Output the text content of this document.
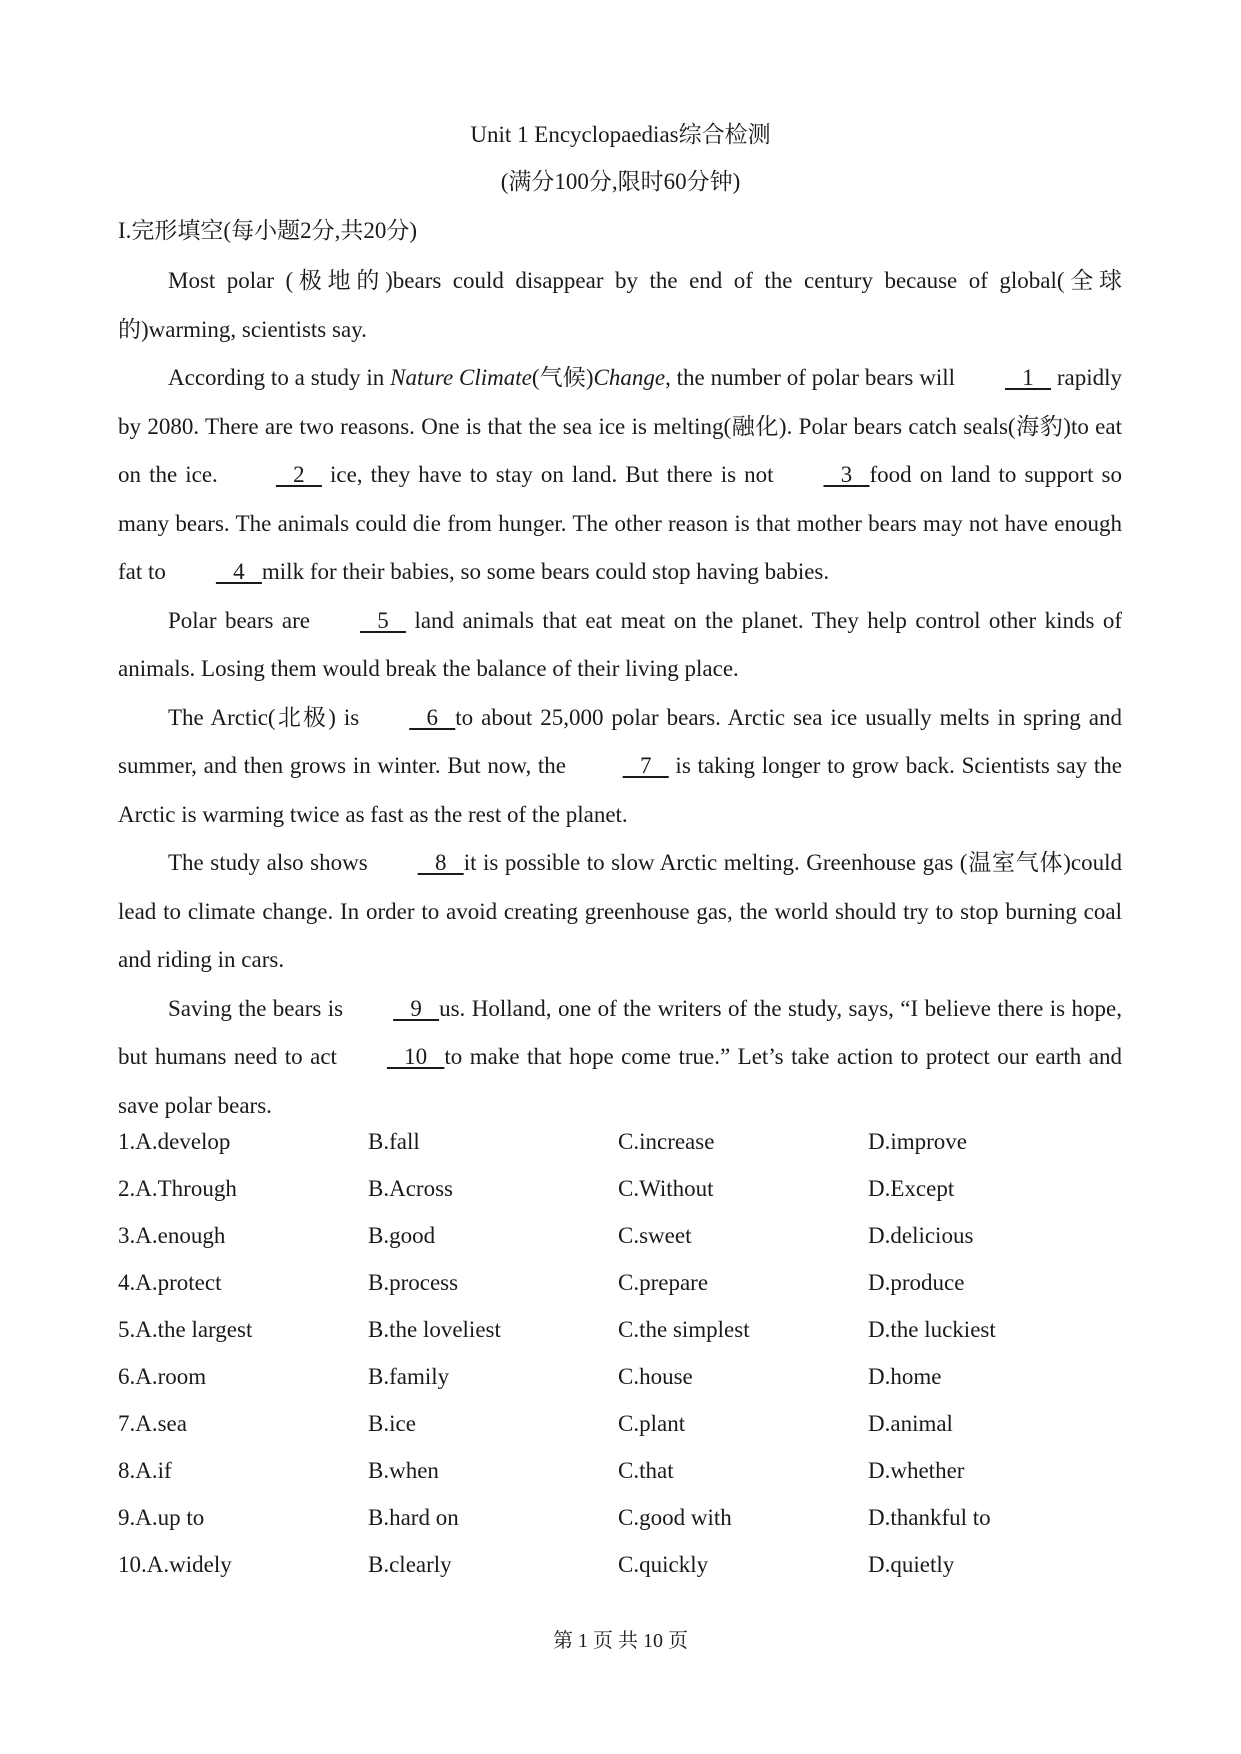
Unit 1 Encyclopaedias综合检测
(满分100分,限时60分钟)
I.完形填空(每小题2分,共20分)

Most polar (极地的)bears could disappear by the end of the century because of global(全球的)warming, scientists say.

According to a study in Nature Climate(气候)Change, the number of polar bears will   1    rapidly by 2080. There are two reasons. One is that the sea ice is melting(融化). Polar bears catch seals(海豹)to eat on the ice.    2    ice, they have to stay on land. But there is not   3   food on land to support so many bears. The animals could die from hunger. The other reason is that mother bears may not have enough fat to   4   milk for their babies, so some bears could stop having babies.

Polar bears are   5    land animals that eat meat on the planet. They help control other kinds of animals. Losing them would break the balance of their living place.

The Arctic(北极) is   6   to about 25,000 polar bears. Arctic sea ice usually melts in spring and summer, and then grows in winter. But now, the    7    is taking longer to grow back. Scientists say the Arctic is warming twice as fast as the rest of the planet.

The study also shows   8   it is possible to slow Arctic melting. Greenhouse gas (温室气体)could lead to climate change. In order to avoid creating greenhouse gas, the world should try to stop burning coal and riding in cars.

Saving the bears is   9   us. Holland, one of the writers of the study, says, “I believe there is hope, but humans need to act   10   to make that hope come true.” Let’s take action to protect our earth and save polar bears.

1.A.develop	B.fall	C.increase	D.improve
2.A.Through	B.Across	C.Without	D.Except
3.A.enough	B.good	C.sweet	D.delicious
4.A.protect	B.process	C.prepare	D.produce
5.A.the largest	B.the loveliest	C.the simplest	D.the luckiest
6.A.room	B.family	C.house	D.home
7.A.sea	B.ice	C.plant	D.animal
8.A.if	B.when	C.that	D.whether
9.A.up to	B.hard on	C.good with	D.thankful to
10.A.widely	B.clearly	C.quickly	D.quietly
第 1 页 共 10 页
